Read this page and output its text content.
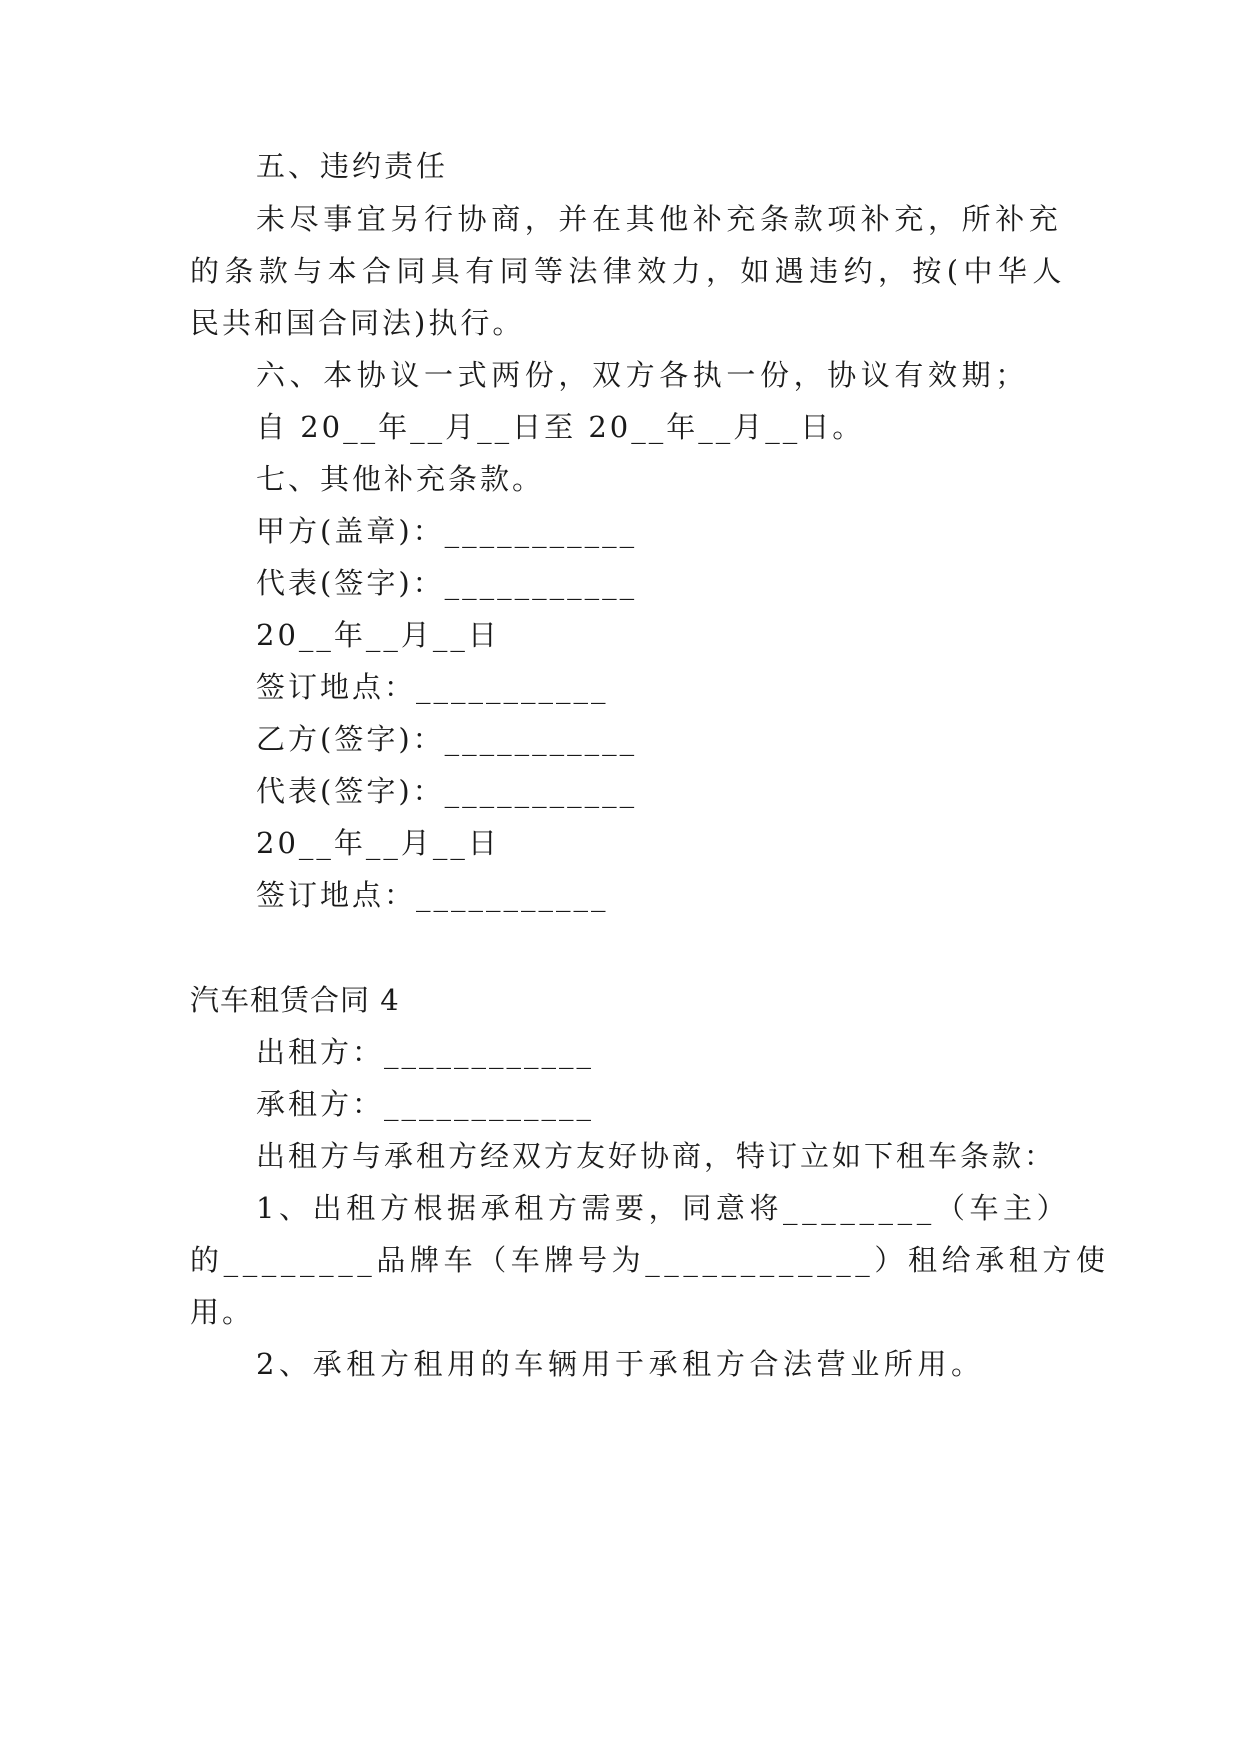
五、违约责任
未尽事宜另行协商，并在其他补充条款项补充，所补充
的条款与本合同具有同等法律效力，如遇违约，按(中华人
民共和国合同法)执行。
六、本协议一式两份，双方各执一份，协议有效期；
自 20__年__月__日至 20__年__月__日。
七、其他补充条款。
甲方(盖章)：___________
代表(签字)：___________
20__年__月__日
签订地点：___________
乙方(签字)：___________
代表(签字)：___________
20__年__月__日
签订地点：___________
汽车租赁合同 4
出租方：____________
承租方：____________
出租方与承租方经双方友好协商，特订立如下租车条款：
1、出租方根据承租方需要，同意将________（车主）
的________品牌车（车牌号为____________）租给承租方使
用。
2、承租方租用的车辆用于承租方合法营业所用。
